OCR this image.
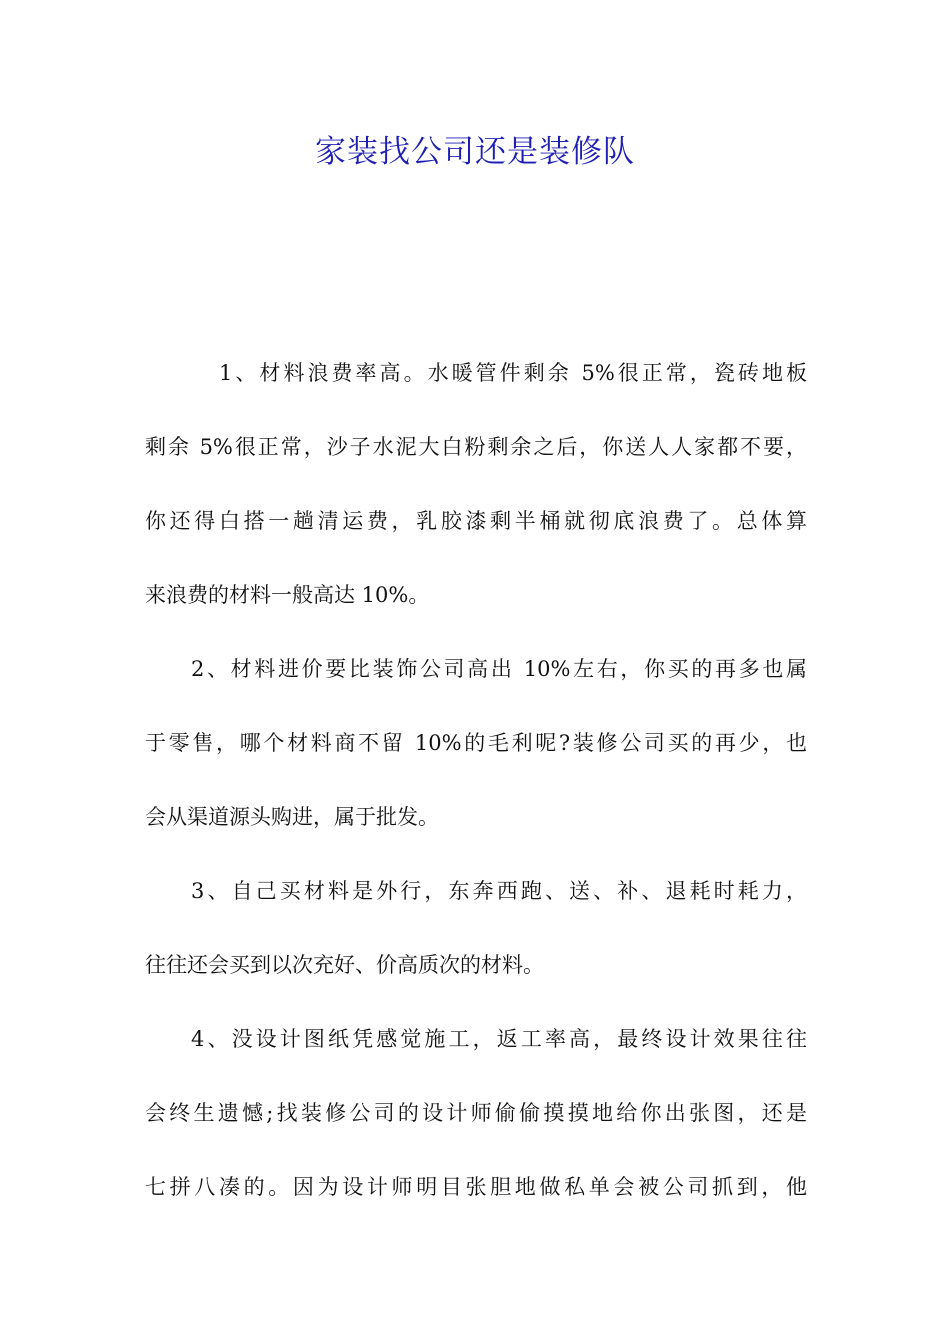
家装找公司还是装修队

1、材料浪费率高。水暖管件剩余 5%很正常，瓷砖地板
剩余 5%很正常，沙子水泥大白粉剩余之后，你送人人家都不要，
你还得白搭一趟清运费，乳胶漆剩半桶就彻底浪费了。总体算
来浪费的材料一般高达 10%。

2、材料进价要比装饰公司高出 10%左右，你买的再多也属
于零售，哪个材料商不留 10%的毛利呢?装修公司买的再少，也
会从渠道源头购进，属于批发。

3、自己买材料是外行，东奔西跑、送、补、退耗时耗力，
往往还会买到以次充好、价高质次的材料。

4、没设计图纸凭感觉施工，返工率高，最终设计效果往往
会终生遗憾;找装修公司的设计师偷偷摸摸地给你出张图，还是
七拼八凑的。因为设计师明目张胆地做私单会被公司抓到，他
